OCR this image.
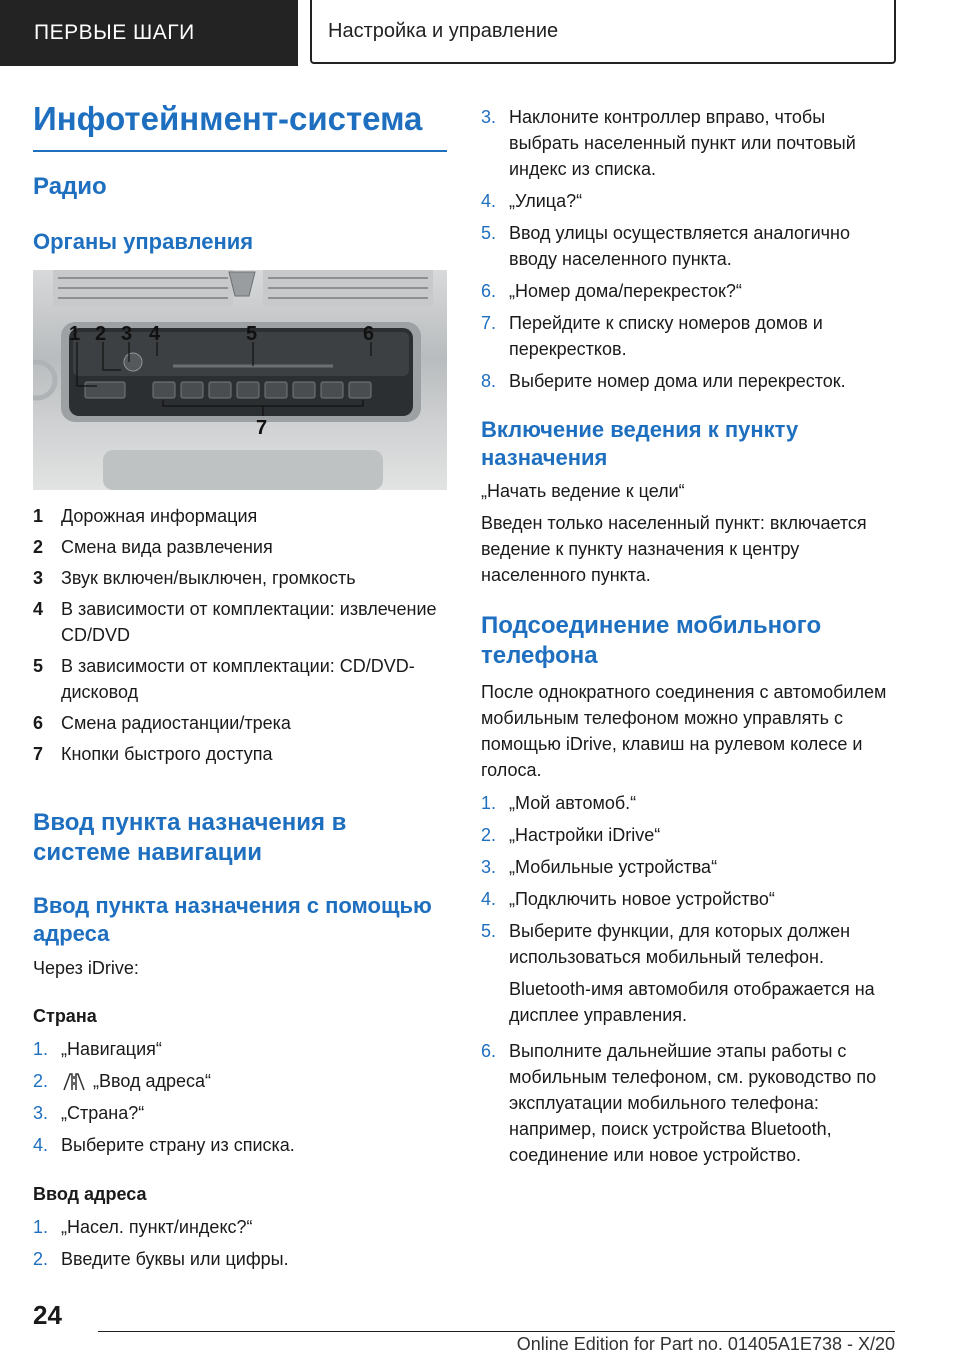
ПЕРВЫЕ ШАГИ	Настройка и управление
Инфотейнмент-система
Радио
Органы управления
1 2 3 4	5	6
7
1 Дорожная информация
2 Смена вида развлечения
3 Звук включен/выключен, громкость
4 В зависимости от комплектации: извлечение CD/DVD
5 В зависимости от комплектации: CD/DVD-дисковод
6 Смена радиостанции/трека
7 Кнопки быстрого доступа
Ввод пункта назначения в системе навигации
Ввод пункта назначения с помощью адреса

Через iDrive:

Страна
1. „Навигация“
2. „Ввод адреса“
3. „Страна?“
4. Выберите страну из списка.
Ввод адреса
1. „Насел. пункт/индекс?“
2. Введите буквы или цифры.
3. Наклоните контроллер вправо, чтобы выбрать населенный пункт или почтовый индекс из списка.
4. „Улица?“
5. Ввод улицы осуществляется аналогично вводу населенного пункта.
6. „Номер дома/перекресток?“
7. Перейдите к списку номеров домов и перекрестков.
8. Выберите номер дома или перекресток.
Включение ведения к пункту назначения

„Начать ведение к цели“

Введен только населенный пункт: включается ведение к пункту назначения к центру населенного пункта.

Подсоединение мобильного телефона

После однократного соединения с автомобилем мобильным телефоном можно управлять с помощью iDrive, клавиш на рулевом колесе и голоса.

1. „Мой автомоб.“
2. „Настройки iDrive“
3. „Мобильные устройства“
4. „Подключить новое устройство“
5. Выберите функции, для которых должен использоваться мобильный телефон.

Bluetooth-имя автомобиля отображается на дисплее управления.

6. Выполните дальнейшие этапы работы с мобильным телефоном, см. руководство по эксплуатации мобильного телефона: например, поиск устройства Bluetooth, соединение или новое устройство.
24
Online Edition for Part no. 01405A1E738 - X/20
